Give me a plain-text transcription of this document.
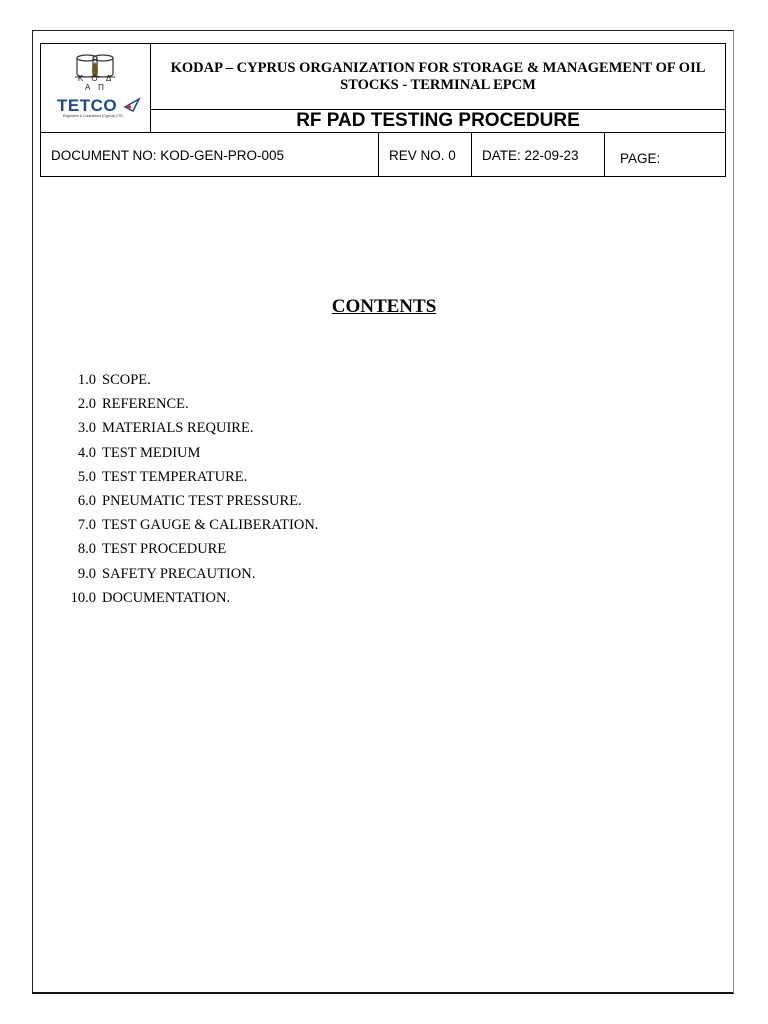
K O Δ A Π
TETCO
Engineers & Contractors (Cyprus) LTD.
KODAP – CYPRUS ORGANIZATION FOR STORAGE & MANAGEMENT OF OIL STOCKS - TERMINAL EPCM
RF PAD TESTING PROCEDURE
DOCUMENT NO: KOD-GEN-PRO-005	REV NO. 0	DATE: 22-09-23	PAGE:
CONTENTS
1.0 SCOPE.
2.0 REFERENCE.
3.0 MATERIALS REQUIRE.
4.0 TEST MEDIUM
5.0 TEST TEMPERATURE.
6.0 PNEUMATIC TEST PRESSURE.
7.0 TEST GAUGE & CALIBERATION.
8.0 TEST PROCEDURE
9.0 SAFETY PRECAUTION.
10.0 DOCUMENTATION.
